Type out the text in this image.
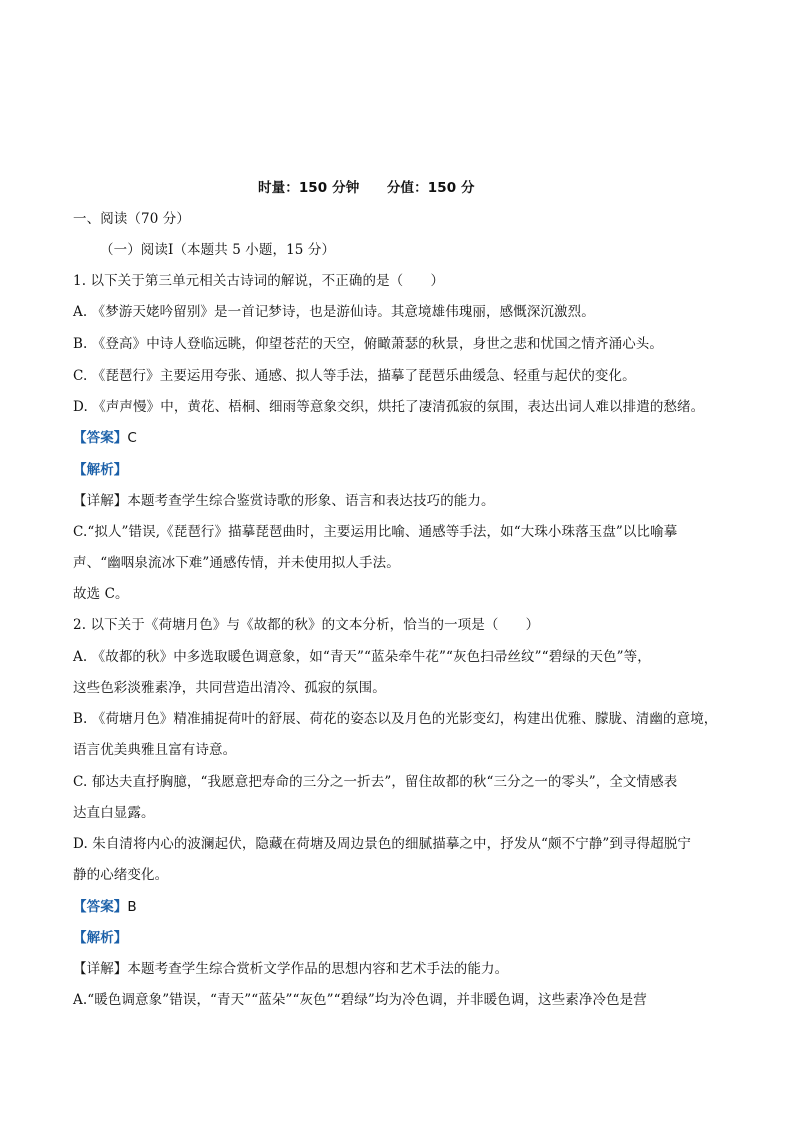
时量：150 分钟 分值：150 分
一、阅读（70 分）
（一）阅读Ⅰ（本题共 5 小题，15 分）
1. 以下关于第三单元相关古诗词的解说，不正确的是（　　）
A. 《梦游天姥吟留别》是一首记梦诗，也是游仙诗。其意境雄伟瑰丽，感慨深沉激烈。
B. 《登高》中诗人登临远眺，仰望苍茫的天空，俯瞰萧瑟的秋景，身世之悲和忧国之情齐涌心头。
C. 《琵琶行》主要运用夸张、通感、拟人等手法，描摹了琵琶乐曲缓急、轻重与起伏的变化。
D. 《声声慢》中，黄花、梧桐、细雨等意象交织，烘托了凄清孤寂的氛围，表达出词人难以排遣的愁绪。
【答案】C
【解析】
【详解】本题考查学生综合鉴赏诗歌的形象、语言和表达技巧的能力。
C.“拟人”错误,《琵琶行》描摹琵琶曲时，主要运用比喻、通感等手法，如“大珠小珠落玉盘”以比喻摹
声、“幽咽泉流冰下难”通感传情，并未使用拟人手法。
故选 C。
2. 以下关于《荷塘月色》与《故都的秋》的文本分析，恰当的一项是（　　）
A. 《故都的秋》中多选取暖色调意象，如“青天”“蓝朵牵牛花”“灰色扫帚丝纹”“碧绿的天色”等，
这些色彩淡雅素净，共同营造出清冷、孤寂的氛围。
B. 《荷塘月色》精准捕捉荷叶的舒展、荷花的姿态以及月色的光影变幻，构建出优雅、朦胧、清幽的意境，
语言优美典雅且富有诗意。
C. 郁达夫直抒胸臆，“我愿意把寿命的三分之一折去”，留住故都的秋“三分之一的零头”，全文情感表
达直白显露。
D. 朱自清将内心的波澜起伏，隐藏在荷塘及周边景色的细腻描摹之中，抒发从“颇不宁静”到寻得超脱宁
静的心绪变化。
【答案】B
【解析】
【详解】本题考查学生综合赏析文学作品的思想内容和艺术手法的能力。
A.“暖色调意象”错误，“青天”“蓝朵”“灰色”“碧绿”均为冷色调，并非暖色调，这些素净冷色是营
